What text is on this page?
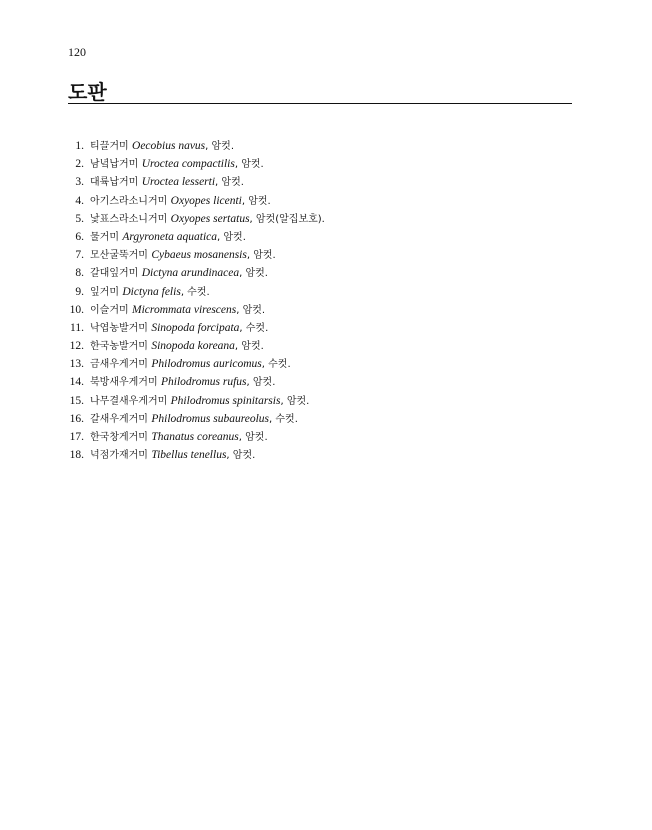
120
도판
1. 티끌거미 Oecobius navus, 암컷.
2. 남녘납거미 Uroctea compactilis, 암컷.
3. 대륙납거미 Uroctea lesserti, 암컷.
4. 아기스라소니거미 Oxyopes licenti, 암컷.
5. 낯표스라소니거미 Oxyopes sertatus, 암컷(알집보호).
6. 물거미 Argyroneta aquatica, 암컷.
7. 모산굴뚝거미 Cybaeus mosanensis, 암컷.
8. 갈대잎거미 Dictyna arundinacea, 암컷.
9. 잎거미 Dictyna felis, 수컷.
10. 이슬거미 Micrommata virescens, 암컷.
11. 낙엽농발거미 Sinopoda forcipata, 수컷.
12. 한국농발거미 Sinopoda koreana, 암컷.
13. 금새우게거미 Philodromus auricomus, 수컷.
14. 북방새우게거미 Philodromus rufus, 암컷.
15. 나무결새우게거미 Philodromus spinitarsis, 암컷.
16. 갈새우게거미 Philodromus subaureolus, 수컷.
17. 한국창게거미 Thanatus coreanus, 암컷.
18. 넉점가재거미 Tibellus tenellus, 암컷.
